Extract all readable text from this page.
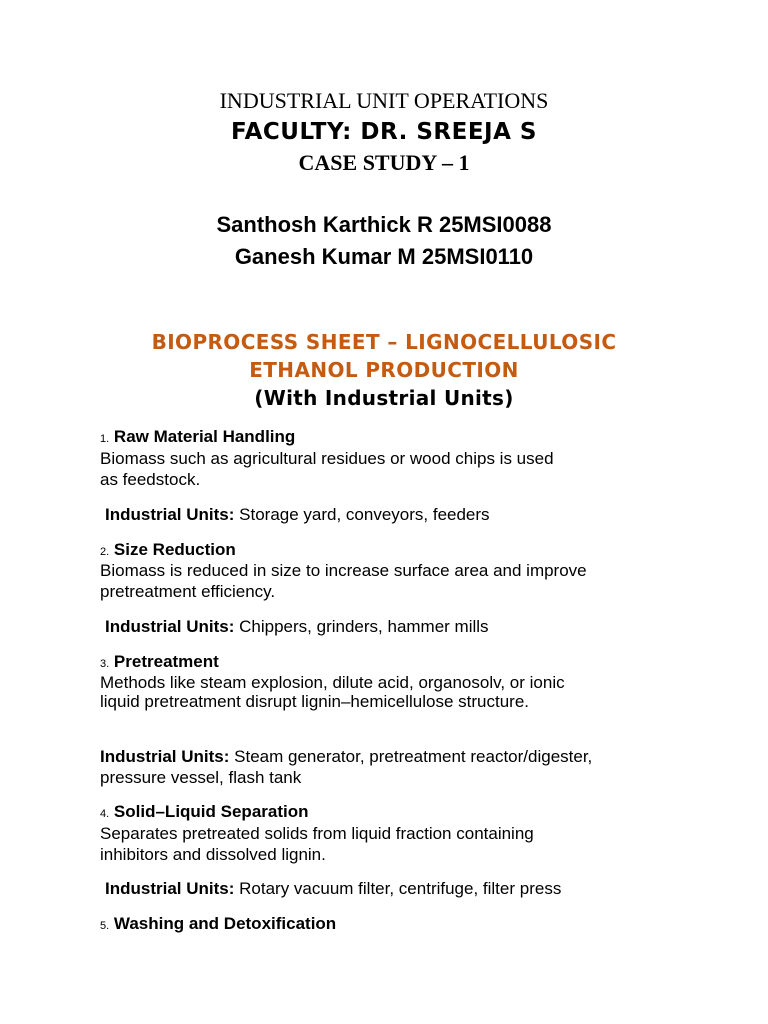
INDUSTRIAL UNIT OPERATIONS
FACULTY: DR. SREEJA S
CASE STUDY – 1
Santhosh Karthick R 25MSI0088
Ganesh Kumar M 25MSI0110
BIOPROCESS SHEET – LIGNOCELLULOSIC
ETHANOL PRODUCTION
(With Industrial Units)
1. Raw Material Handling
Biomass such as agricultural residues or wood chips is used
as feedstock.
Industrial Units: Storage yard, conveyors, feeders
2. Size Reduction
Biomass is reduced in size to increase surface area and improve
pretreatment efficiency.
Industrial Units: Chippers, grinders, hammer mills
3. Pretreatment
Methods like steam explosion, dilute acid, organosolv, or ionic
liquid pretreatment disrupt lignin–hemicellulose structure.
Industrial Units: Steam generator, pretreatment reactor/digester,
pressure vessel, flash tank
4. Solid–Liquid Separation
Separates pretreated solids from liquid fraction containing
inhibitors and dissolved lignin.
Industrial Units: Rotary vacuum filter, centrifuge, filter press
5. Washing and Detoxification
